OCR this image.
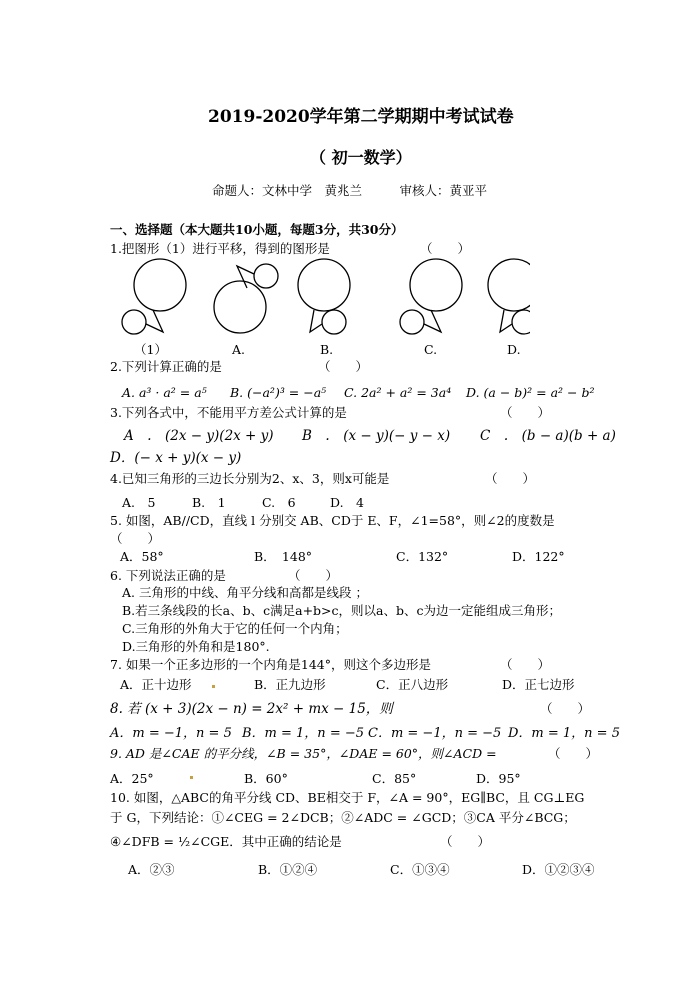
2019-2020学年第二学期期中考试试卷
（ 初一数学）
命题人：文林中学　黄兆兰　　　审核人：黄亚平
一、选择题（本大题共10小题，每题3分，共30分）
1.把图形（1）进行平移，得到的图形是	（　　）
（1）	A.	B.	C.	D.
2.下列计算正确的是	（　　）
A. a³ · a² = a⁵ B. (−a²)³ = −a⁵ C. 2a² + a² = 3a⁴ D. (a − b)² = a² − b²
3.下列各式中，不能用平方差公式计算的是	（　　）
A　.　(2x − y)(2x + y) B　.　(x − y)(− y − x) C　.　(b − a)(b + a)
D．(− x + y)(x − y)
4.已知三角形的三边长分别为2、x、3，则x可能是	（　　）
A.　5	B.　1	C.　6	D.　4
5. 如图，AB//CD，直线 l 分别交 AB、CD于 E、F，∠1=58°，则∠2的度数是
（　　）
A．58°	B．　148°	C．132°	D．122°
6. 下列说法正确的是	（　　）
A. 三角形的中线、角平分线和高都是线段 ；
B.若三条线段的长a、b、c满足a+b>c，则以a、b、c为边一定能组成三角形；
C.三角形的外角大于它的任何一个内角；
D.三角形的外角和是180°.
7. 如果一个正多边形的一个内角是144°，则这个多边形是	（　　）
A．正十边形	B．正九边形	C．正八边形	D．正七边形
8. 若 (x + 3)(2x − n) = 2x² + mx − 15，则	（　　）
A．m = −1，n = 5 B．m = 1，n = −5 C．m = −1，n = −5 D．m = 1，n = 5
9. AD 是∠CAE 的平分线，∠B = 35°，∠DAE = 60°，则∠ACD =	（　　）
A．25°	B．60°	C．85°	D．95°
10. 如图，△ABC的角平分线 CD、BE相交于 F，∠A = 90°，EG∥BC，且 CG⊥EG
于 G，下列结论：①∠CEG = 2∠DCB；②∠ADC = ∠GCD；③CA 平分∠BCG；
④∠DFB = ½∠CGE．其中正确的结论是	（　　）
A．②③	B．①②④	C．①③④	D．①②③④
